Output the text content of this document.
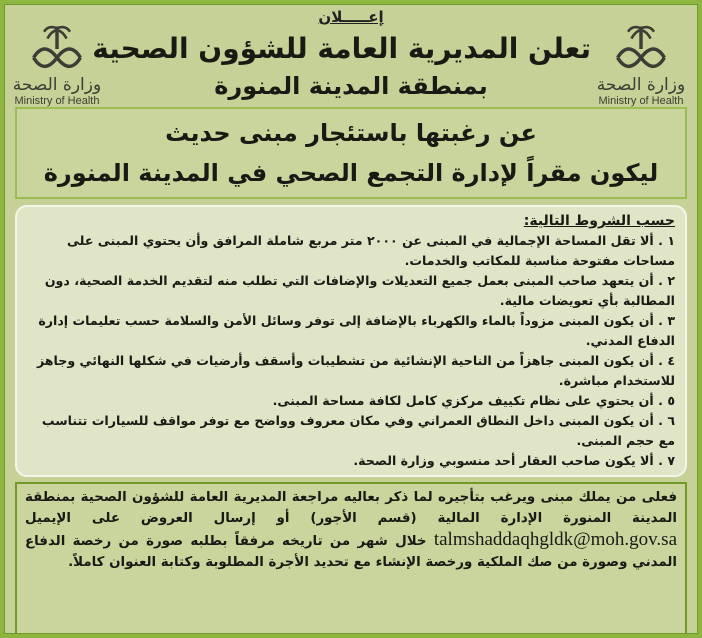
إعـــــلان
وزارة الصحة
Ministry of Health
وزارة الصحة
Ministry of Health
تعلن المديرية العامة للشؤون الصحية
بمنطقة المدينة المنورة
عن رغبتها باستئجار مبنى حديث
ليكون مقراً لإدارة التجمع الصحي في المدينة المنورة
حسب الشروط التالية:
١ . ألا تقل المساحة الإجمالية في المبنى عن ٢٠٠٠ متر مربع شاملة المرافق وأن يحتوي المبنى على مساحات مفتوحة مناسبة للمكاتب والخدمات.
٢ . أن يتعهد صاحب المبنى بعمل جميع التعديلات والإضافات التي تطلب منه لتقديم الخدمة الصحية، دون المطالبة بأي تعويضات مالية.
٣ . أن يكون المبنى مزوداً بالماء والكهرباء بالإضافة إلى توفر وسائل الأمن والسلامة حسب تعليمات إدارة الدفاع المدني.
٤ . أن يكون المبنى جاهزاً من الناحية الإنشائية من تشطيبات وأسقف وأرضيات في شكلها النهائي وجاهز للاستخدام مباشرة.
٥ . أن يحتوي على نظام تكييف مركزي كامل لكافة مساحة المبنى.
٦ . أن يكون المبنى داخل النطاق العمراني وفي مكان معروف وواضح مع توفر مواقف للسيارات تتناسب مع حجم المبنى.
٧ . ألا يكون صاحب العقار أحد منسوبي وزارة الصحة.
فعلى من يملك مبنى ويرغب بتأجيره لما ذكر بعاليه مراجعة المديرية العامة للشؤون الصحية بمنطقة المدينة المنورة الإدارة المالية (قسم الأجور) أو إرسال العروض على الإيميل talmshaddaqhgldk@moh.gov.sa خلال شهر من تاريخه مرفقاً بطلبه صورة من رخصة الدفاع المدني وصورة من صك الملكية ورخصة الإنشاء مع تحديد الأجرة المطلوبة وكتابة العنوان كاملاً.
